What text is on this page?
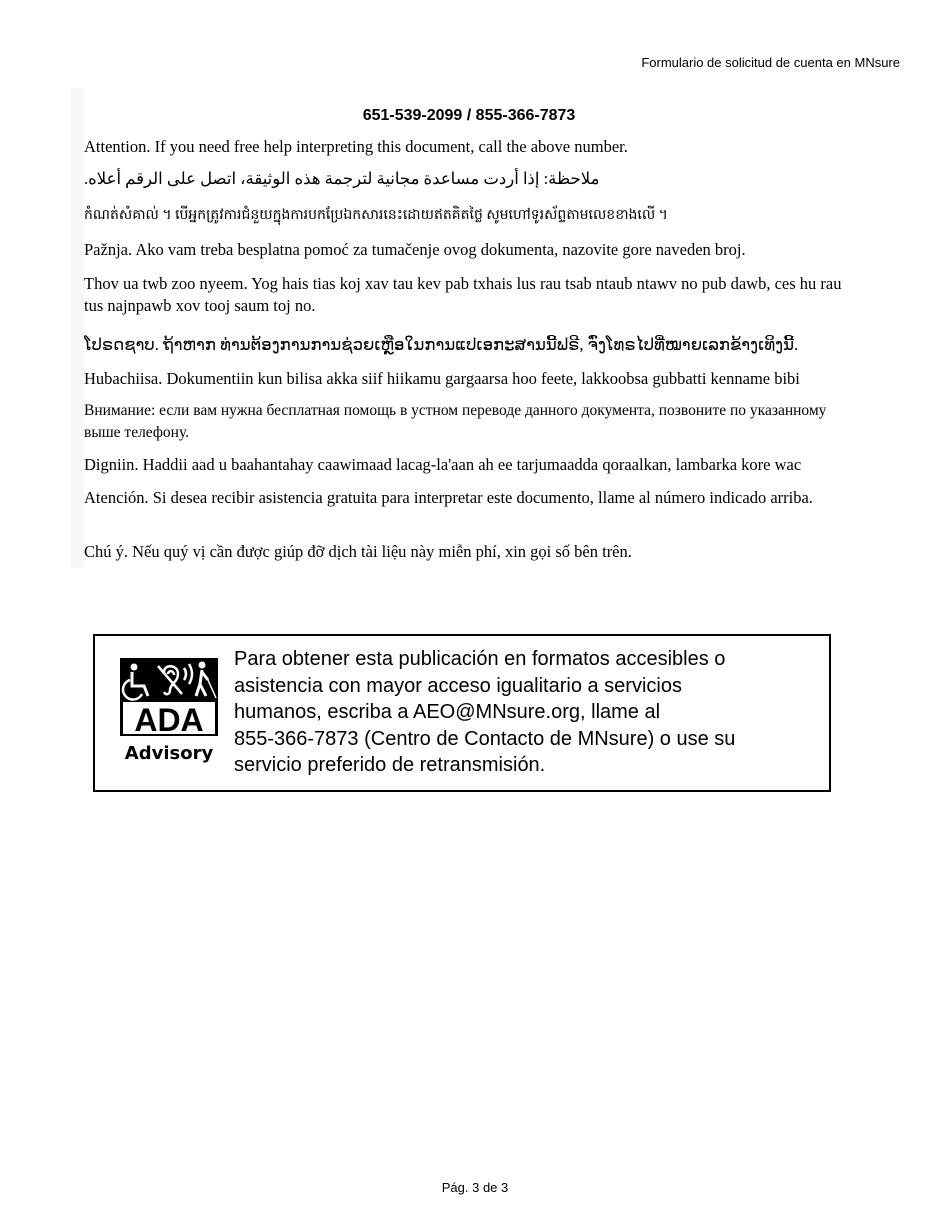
Formulario de solicitud de cuenta en MNsure
651-539-2099 / 855-366-7873
Attention. If you need free help interpreting this document, call the above number.
ملاحظة: إذا أردت مساعدة مجانية لترجمة هذه الوثيقة، اتصل على الرقم أعلاه.
កំណត់សំគាល់ ។ បើអ្នកត្រូវការជំនួយក្នុងការបកប្រែឯកសារនេះដោយឥតគិតថ្លៃ សូមហៅទូរស័ព្ទតាមលេខខាងលើ ។
Pažnja. Ako vam treba besplatna pomoć za tumačenje ovog dokumenta, nazovite gore naveden broj.
Thov ua twb zoo nyeem. Yog hais tias koj xav tau kev pab txhais lus rau tsab ntaub ntawv no pub dawb, ces hu rau tus najnpawb xov tooj saum toj no.
ໂປຣດຊາບ. ຖ້າຫາກ ທ່ານຕ້ອງການການຊ່ວຍເຫຼືອໃນການແປເອກະສານນີ້ຟຣີ, ຈົ່ງໂທຣໄປທີ່ໝາຍເລກຂ້າງເທິງນີ້.
Hubachiisa. Dokumentiin kun bilisa akka siif hiikamu gargaarsa hoo feete, lakkoobsa gubbatti kenname bibi
Внимание: если вам нужна бесплатная помощь в устном переводе данного документа, позвоните по указанному выше телефону.
Digniin. Haddii aad u baahantahay caawimaad lacag-la'aan ah ee tarjumaadda qoraalkan, lambarka kore wac
Atención. Si desea recibir asistencia gratuita para interpretar este documento, llame al número indicado arriba.
Chú ý. Nếu quý vị cần được giúp đỡ dịch tài liệu này miễn phí, xin gọi số bên trên.
ADA
Advisory
Para obtener esta publicación en formatos accesibles o
asistencia con mayor acceso igualitario a servicios
humanos, escriba a AEO@MNsure.org, llame al
855-366-7873 (Centro de Contacto de MNsure) o use su
servicio preferido de retransmisión.
Pág. 3 de 3
